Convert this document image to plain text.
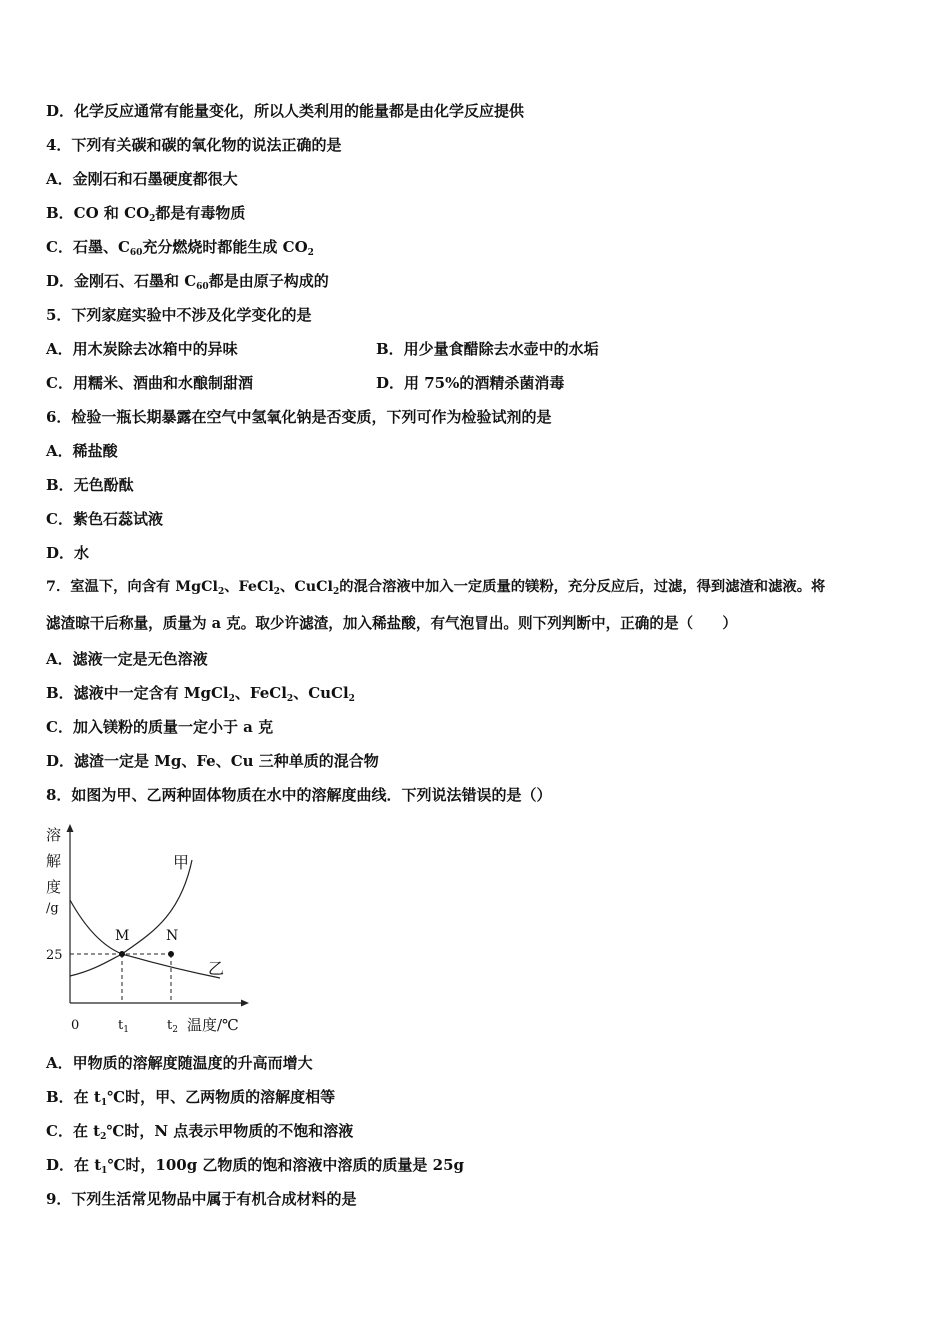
D．化学反应通常有能量变化，所以人类利用的能量都是由化学反应提供
4．下列有关碳和碳的氧化物的说法正确的是
A．金刚石和石墨硬度都很大
B．CO 和 $CO_2$都是有毒物质
C．石墨、$C_{60}$充分燃烧时都能生成 $CO_2$
D．金刚石、石墨和 $C_{60}$都是由原子构成的
5．下列家庭实验中不涉及化学变化的是
A．用木炭除去冰箱中的异味	B．用少量食醋除去水壶中的水垢
C．用糯米、酒曲和水酿制甜酒	D．用 75%的酒精杀菌消毒
6．检验一瓶长期暴露在空气中氢氧化钠是否变质，下列可作为检验试剂的是
A．稀盐酸
B．无色酚酞
C．紫色石蕊试液
D．水
7．室温下，向含有 MgCl$_2$、FeCl$_2$、CuCl$_2$的混合溶液中加入一定质量的镁粉，充分反应后，过滤，得到滤渣和滤液。将
滤渣晾干后称量，质量为 a 克。取少许滤渣，加入稀盐酸，有气泡冒出。则下列判断中，正确的是（　　）
A．滤液一定是无色溶液
B．滤液中一定含有 MgCl$_2$、FeCl$_2$、CuCl$_2$
C．加入镁粉的质量一定小于 a 克
D．滤渣一定是 Mg、Fe、Cu 三种单质的混合物
8．如图为甲、乙两种固体物质在水中的溶解度曲线．下列说法错误的是（）
溶
解
度
/g
M	N
甲
乙
25
0	$t_1$	$t_2$ 温度/℃
A．甲物质的溶解度随温度的升高而增大
B．在 $t_1℃$时，甲、乙两物质的溶解度相等
C．在 $t_2℃$时，N 点表示甲物质的不饱和溶液
D．在 $t_1℃$时，100g 乙物质的饱和溶液中溶质的质量是 25g
9．下列生活常见物品中属于有机合成材料的是
